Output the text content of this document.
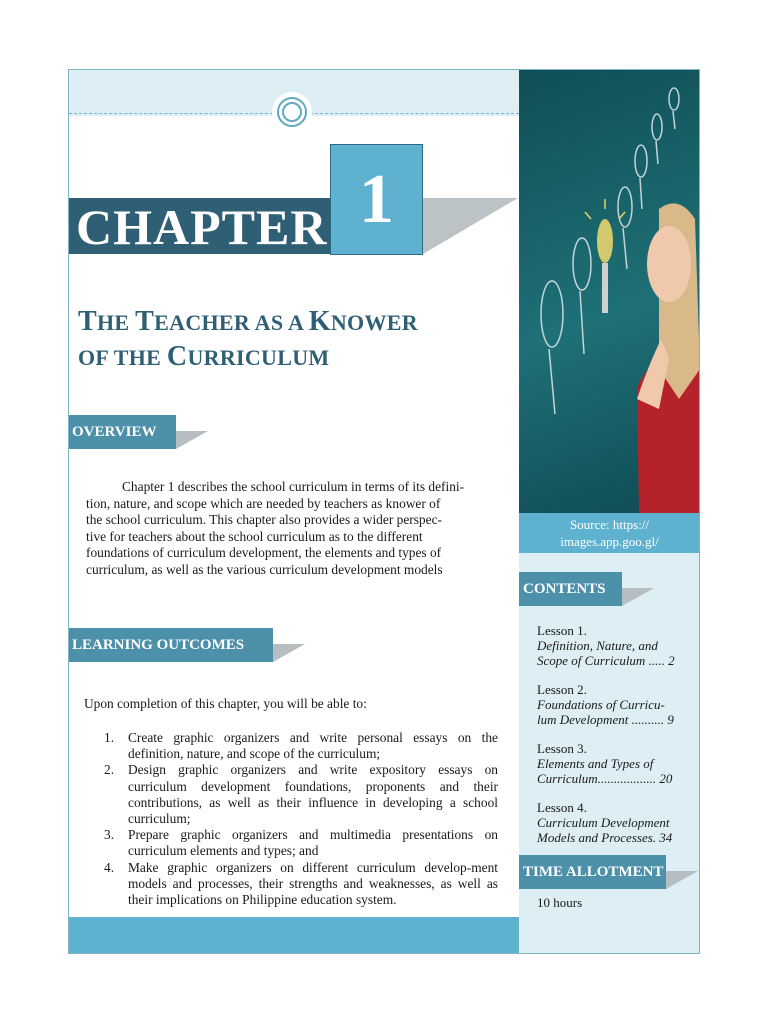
CHAPTER 1
THE TEACHER AS A KNOWER
OF THE CURRICULUM
OVERVIEW
Chapter 1 describes the school curriculum in terms of its defini-
tion, nature, and scope which are needed by teachers as knower of
the school curriculum. This chapter also provides a wider perspec-
tive for teachers about the school curriculum as to the different
foundations of curriculum development, the elements and types of
curriculum, as well as the various curriculum development models
LEARNING OUTCOMES
Upon completion of this chapter, you will be able to:
1. Create graphic organizers and write personal essays on the definition, nature, and scope of the curriculum;
2. Design graphic organizers and write expository essays on curriculum development foundations, proponents and their contributions, as well as their influence in developing a school curriculum;
3. Prepare graphic organizers and multimedia presentations on curriculum elements and types; and
4. Make graphic organizers on different curriculum develop-ment models and processes, their strengths and weaknesses, as well as their implications on Philippine education system.
Source: https://
images.app.goo.gl/
CONTENTS
Lesson 1.
Definition, Nature, and
Scope of Curriculum ..... 2
Lesson 2.
Foundations of Curricu-
lum Development .......... 9
Lesson 3.
Elements and Types of
Curriculum.................. 20
Lesson 4.
Curriculum Development
Models and Processes. 34
TIME ALLOTMENT
10 hours
